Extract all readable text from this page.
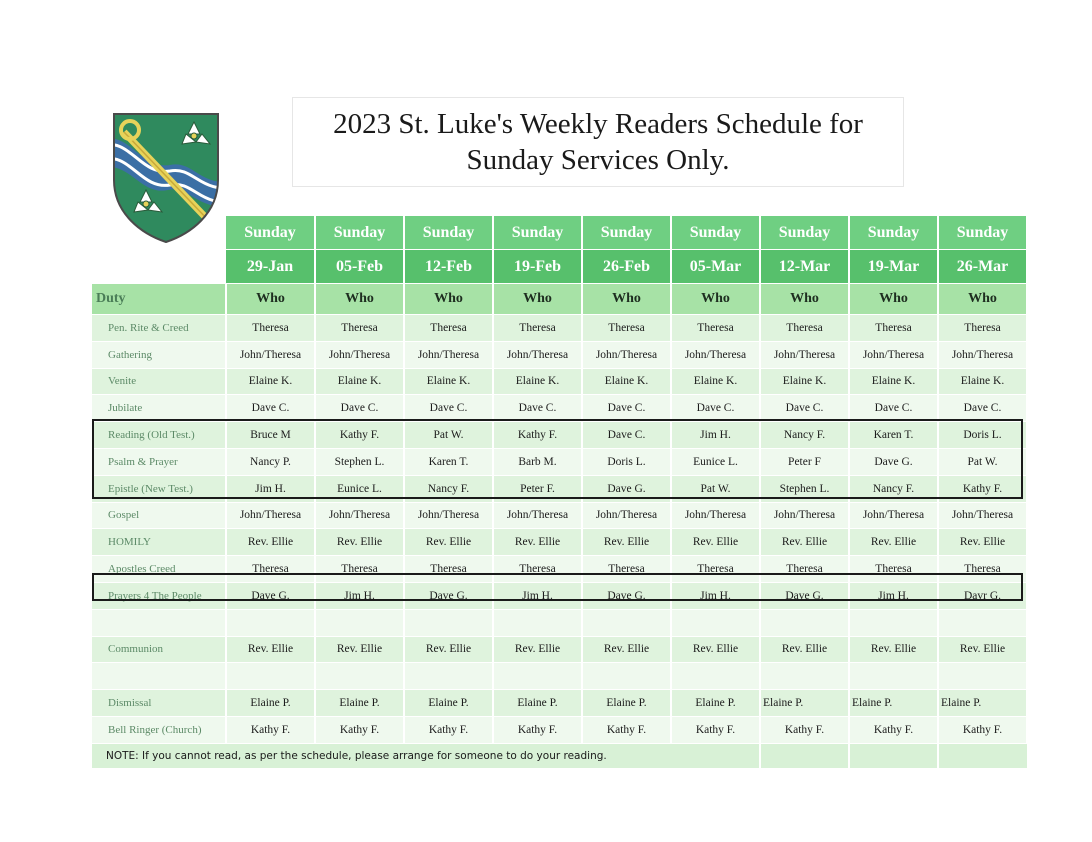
2023 St. Luke's Weekly Readers Schedule for
Sunday Services Only.
	Sunday	Sunday	Sunday	Sunday	Sunday	Sunday	Sunday	Sunday	Sunday
	29-Jan	05-Feb	12-Feb	19-Feb	26-Feb	05-Mar	12-Mar	19-Mar	26-Mar
Duty	Who	Who	Who	Who	Who	Who	Who	Who	Who
Pen. Rite & Creed	Theresa	Theresa	Theresa	Theresa	Theresa	Theresa	Theresa	Theresa	Theresa
Gathering	John/Theresa	John/Theresa	John/Theresa	John/Theresa	John/Theresa	John/Theresa	John/Theresa	John/Theresa	John/Theresa
Venite	Elaine K.	Elaine K.	Elaine K.	Elaine K.	Elaine K.	Elaine K.	Elaine K.	Elaine K.	Elaine K.
Jubilate	Dave C.	Dave C.	Dave C.	Dave C.	Dave C.	Dave C.	Dave C.	Dave C.	Dave C.
Reading (Old Test.)	Bruce M	Kathy F.	Pat W.	Kathy F.	Dave C.	Jim H.	Nancy F.	Karen T.	Doris L.
Psalm & Prayer	Nancy P.	Stephen L.	Karen T.	Barb M.	Doris L.	Eunice L.	Peter F	Dave G.	Pat W.
Epistle (New Test.)	Jim H.	Eunice L.	Nancy F.	Peter F.	Dave G.	Pat W.	Stephen L.	Nancy F.	Kathy F.
Gospel	John/Theresa	John/Theresa	John/Theresa	John/Theresa	John/Theresa	John/Theresa	John/Theresa	John/Theresa	John/Theresa
HOMILY	Rev. Ellie	Rev. Ellie	Rev. Ellie	Rev. Ellie	Rev. Ellie	Rev. Ellie	Rev. Ellie	Rev. Ellie	Rev. Ellie
Apostles Creed	Theresa	Theresa	Theresa	Theresa	Theresa	Theresa	Theresa	Theresa	Theresa
Prayers 4 The People	Dave G.	Jim H.	Dave G.	Jim H.	Dave G.	Jim H.	Dave G.	Jim H.	Davr G.

Communion	Rev. Ellie	Rev. Ellie	Rev. Ellie	Rev. Ellie	Rev. Ellie	Rev. Ellie	Rev. Ellie	Rev. Ellie	Rev. Ellie

Dismissal	Elaine P.	Elaine P.	Elaine P.	Elaine P.	Elaine P.	Elaine P.	Elaine P.	Elaine P.	Elaine P.
Bell Ringer (Church)	Kathy F.	Kathy F.	Kathy F.	Kathy F.	Kathy F.	Kathy F.	Kathy F.	Kathy F.	Kathy F.
NOTE: If you cannot read, as per the schedule, please arrange for someone to do your reading.									
